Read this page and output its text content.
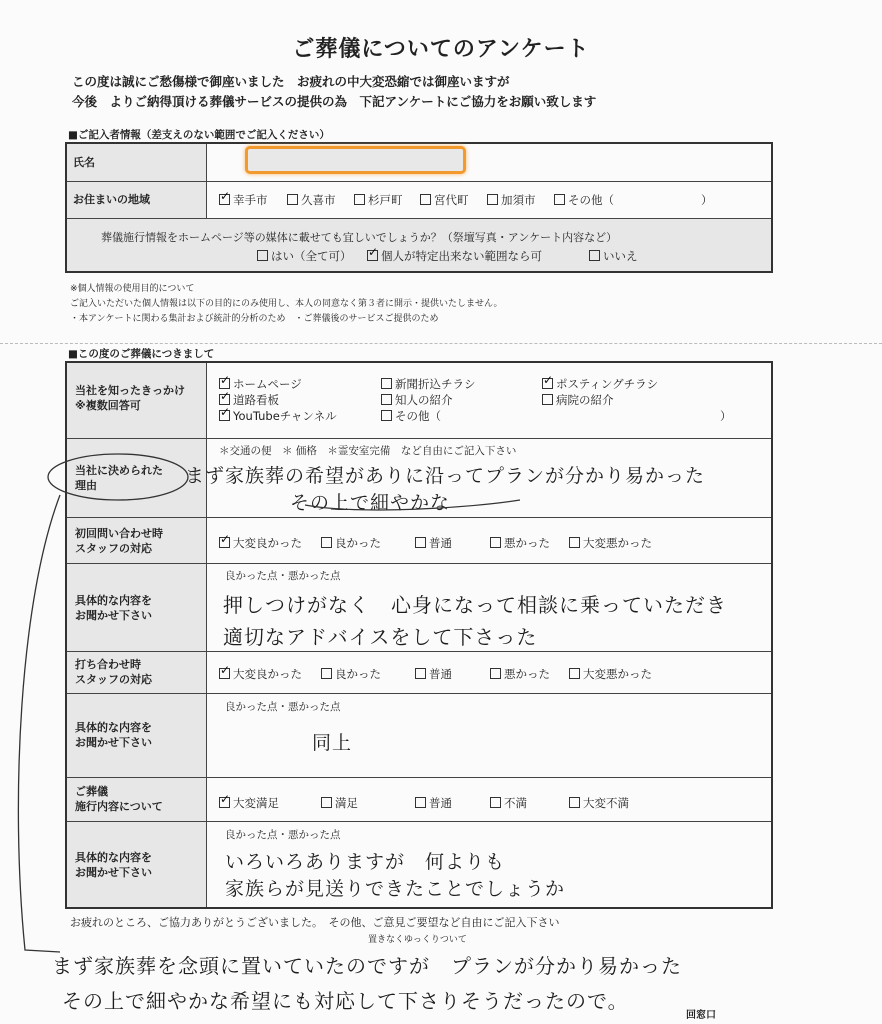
ご葬儀についてのアンケート
この度は誠にご愁傷様で御座いました　お疲れの中大変恐縮では御座いますが
今後　よりご納得頂ける葬儀サービスの提供の為　下記アンケートにご協力をお願い致します
■ご記入者情報（差支えのない範囲でご記入ください）
氏名
お住まいの地域 ✓	幸手市	久喜市	杉戸町	宮代町	加須市	その他（	）
葬儀施行情報をホームページ等の媒体に載せても宜しいでしょうか？（祭壇写真・アンケート内容など）
はい（全て可） ✓	個人が特定出来ない範囲なら可	いいえ
※個人情報の使用目的について
ご記入いただいた個人情報は以下の目的にのみ使用し、本人の同意なく第３者に開示・提供いたしません。
・本アンケートに関わる集計および統計的分析のため　・ご葬儀後のサービスご提供のため
■この度のご葬儀につきまして
当社を知ったきっかけ
※複数回答可
✓ホームページ	新聞折込チラシ ✓	ポスティングチラシ
✓道路看板	知人の紹介	病院の紹介
✓YouTubeチャンネル	その他（	）
当社に決められた
理由
＊交通の便　＊ 価格　＊霊安室完備　など自由にご記入下さい
まず家族葬の希望がありに沿ってプランが分かり易かった
その上で細やかな
初回問い合わせ時
スタッフの対応 ✓	大変良かった	良かった	普通	悪かった	大変悪かった
具体的な内容を
お聞かせ下さい
良かった点・悪かった点
押しつけがなく　心身になって相談に乗っていただき
適切なアドバイスをして下さった
打ち合わせ時
スタッフの対応 ✓	大変良かった	良かった	普通	悪かった	大変悪かった
具体的な内容を
お聞かせ下さい
良かった点・悪かった点
同上
ご葬儀
施行内容について ✓	大変満足	満足	普通	不満	大変不満
具体的な内容を
お聞かせ下さい
良かった点・悪かった点
いろいろありますが　何よりも
家族らが見送りできたことでしょうか
お疲れのところ、ご協力ありがとうございました。　その他、ご意見ご要望など自由にご記入下さい
置きなくゆっくりついて
まず家族葬を念頭に置いていたのですが　プランが分かり易かった
その上で細やかな希望にも対応して下さりそうだったので。
回窓口
